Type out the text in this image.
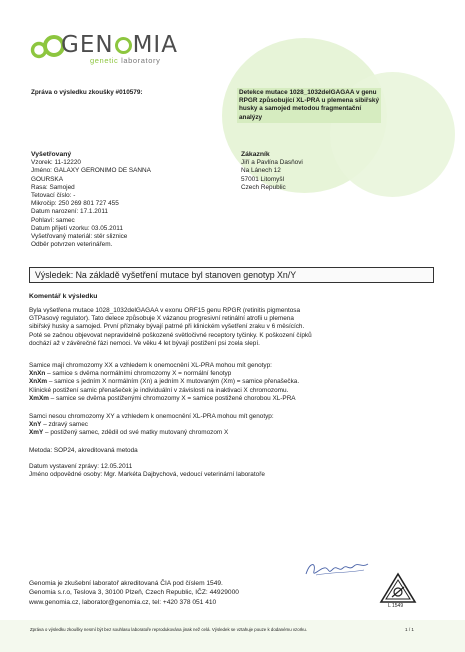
GEN MIA
genetic laboratory
Zpráva o výsledku zkoušky #010579:	Detekce mutace 1028_1032delGAGAA v genu
RPGR způsobující XL-PRA u plemena sibiřský
husky a samojed metodou fragmentační
analýzy
Vyšetřovaný
Vzorek: 11-12220
Jméno: GALAXY GERONIMO DE SANNA
GOURSKA
Rasa: Samojed
Tetovací číslo: -
Mikročip: 250 269 801 727 455
Datum narození: 17.1.2011
Pohlaví: samec
Datum přijetí vzorku: 03.05.2011
Vyšetřovaný materiál: stěr sliznice
Odběr potvrzen veterinářem.
Zákazník
Jiří a Pavlína Dasňovi
Na Lánech 12
57001 Litomyšl
Czech Republic
Výsledek: Na základě vyšetření mutace byl stanoven genotyp Xn/Y
Komentář k výsledku
Byla vyšetřena mutace 1028_1032delGAGAA v exonu ORF15 genu RPGR (retinitis pigmentosa
GTPasový regulator). Tato delece způsobuje X vázanou progresivní retinální atrofii u plemena
sibiřský husky a samojed. První příznaky bývají patrné při klinickém vyšetření zraku v 6 měsících.
Poté se začnou objevovat nepravidelně poškozené světločivné receptory tyčinky. K poškození čípků
dochází až v závěrečné fázi nemoci. Ve věku 4 let bývají postižení psi zcela slepí.
Samice mají chromozomy XX a vzhledem k onemocnění XL-PRA mohou mít genotyp:
XnXn – samice s dvěma normálními chromozomy X = normální fenotyp
XnXm – samice s jedním X normálním (Xn) a jedním X mutovaným (Xm) = samice přenašečka.
Klinické postižení samic přenašeček je individuální v závislosti na inaktivaci X chromozomu.
XmXm – samice se dvěma postiženými chromozomy X = samice postižené chorobou XL-PRA
Samci nesou chromozomy XY a vzhledem k onemocnění XL-PRA mohou mít genotyp:
XnY – zdravý samec
XmY – postižený samec, zdědil od své matky mutovaný chromozom X
Metoda: SOP24, akreditovaná metoda
Datum vystavení zprávy: 12.05.2011
Jméno odpovědné osoby: Mgr. Markéta Dajbychová, vedoucí veterinární laboratoře
Genomia je zkušební laboratoř akreditovaná ČIA pod číslem 1549.
Genomia s.r.o, Teslova 3, 30100 Plzeň, Czech Republic, IČZ: 44929000
www.genomia.cz, laborator@genomia.cz, tel: +420 378 051 410
L 1549
Zpráva o výsledku zkoušky nesmí být bez souhlasu laboratoře reprodukována jinak než celá. Výsledek se vztahuje pouze k dodanému vzorku.	1 / 1
